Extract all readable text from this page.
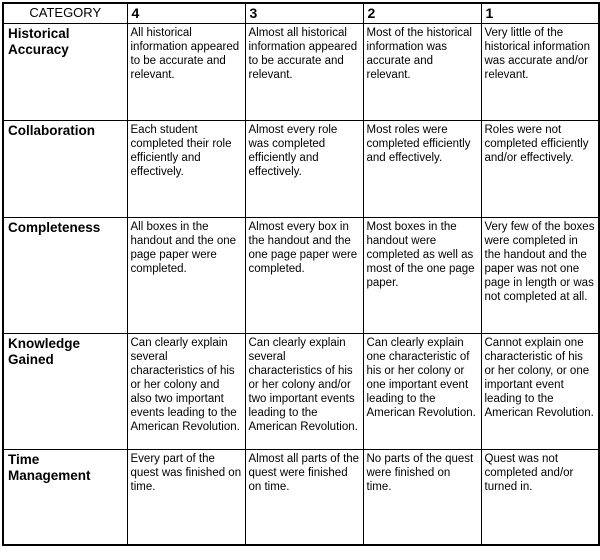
CATEGORY	4	3	2	1
Historical Accuracy	All historical information appeared to be accurate and relevant.	Almost all historical information appeared to be accurate and relevant.	Most of the historical information was accurate and relevant.	Very little of the historical information was accurate and/or relevant.
Collaboration	Each student completed their role efficiently and effectively.	Almost every role was completed efficiently and effectively.	Most roles were completed efficiently and effectively.	Roles were not completed efficiently and/or effectively.
Completeness	All boxes in the handout and the one page paper were completed.	Almost every box in the handout and the one page paper were completed.	Most boxes in the handout were completed as well as most of the one page paper.	Very few of the boxes were completed in the handout and the paper was not one page in length or was not completed at all.
Knowledge Gained	Can clearly explain several characteristics of his or her colony and also two important events leading to the American Revolution.	Can clearly explain several characteristics of his or her colony and/or two important events leading to the American Revolution.	Can clearly explain one characteristic of his or her colony or one important event leading to the American Revolution.	Cannot explain one characteristic of his or her colony, or one important event leading to the American Revolution.
Time Management	Every part of the quest was finished on time.	Almost all parts of the quest were finished on time.	No parts of the quest were finished on time.	Quest was not completed and/or turned in.
